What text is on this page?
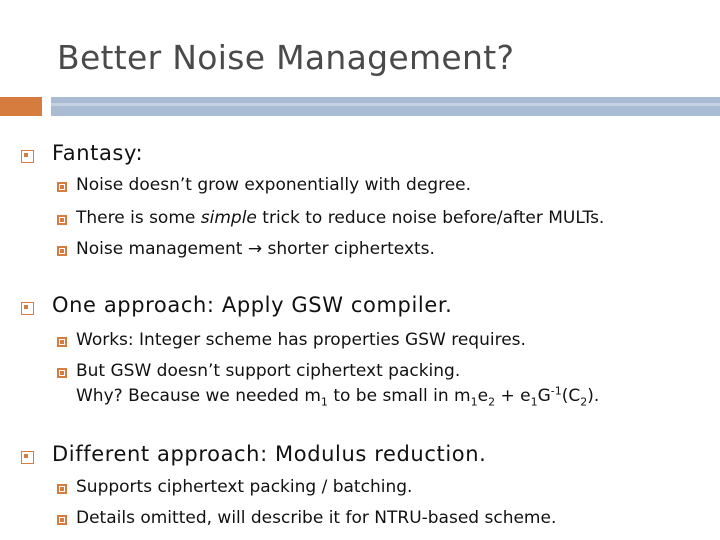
Better Noise Management?
Fantasy:
Noise doesn’t grow exponentially with degree.
There is some simple trick to reduce noise before/after MULTs.
Noise management → shorter ciphertexts.
One approach: Apply GSW compiler.
Works: Integer scheme has properties GSW requires.
But GSW doesn’t support ciphertext packing.
Why? Because we needed $m_1$ to be small in $m_1e_2 + e_1G^{-1}(C_2)$.
Different approach: Modulus reduction.
Supports ciphertext packing / batching.
Details omitted, will describe it for NTRU-based scheme.
